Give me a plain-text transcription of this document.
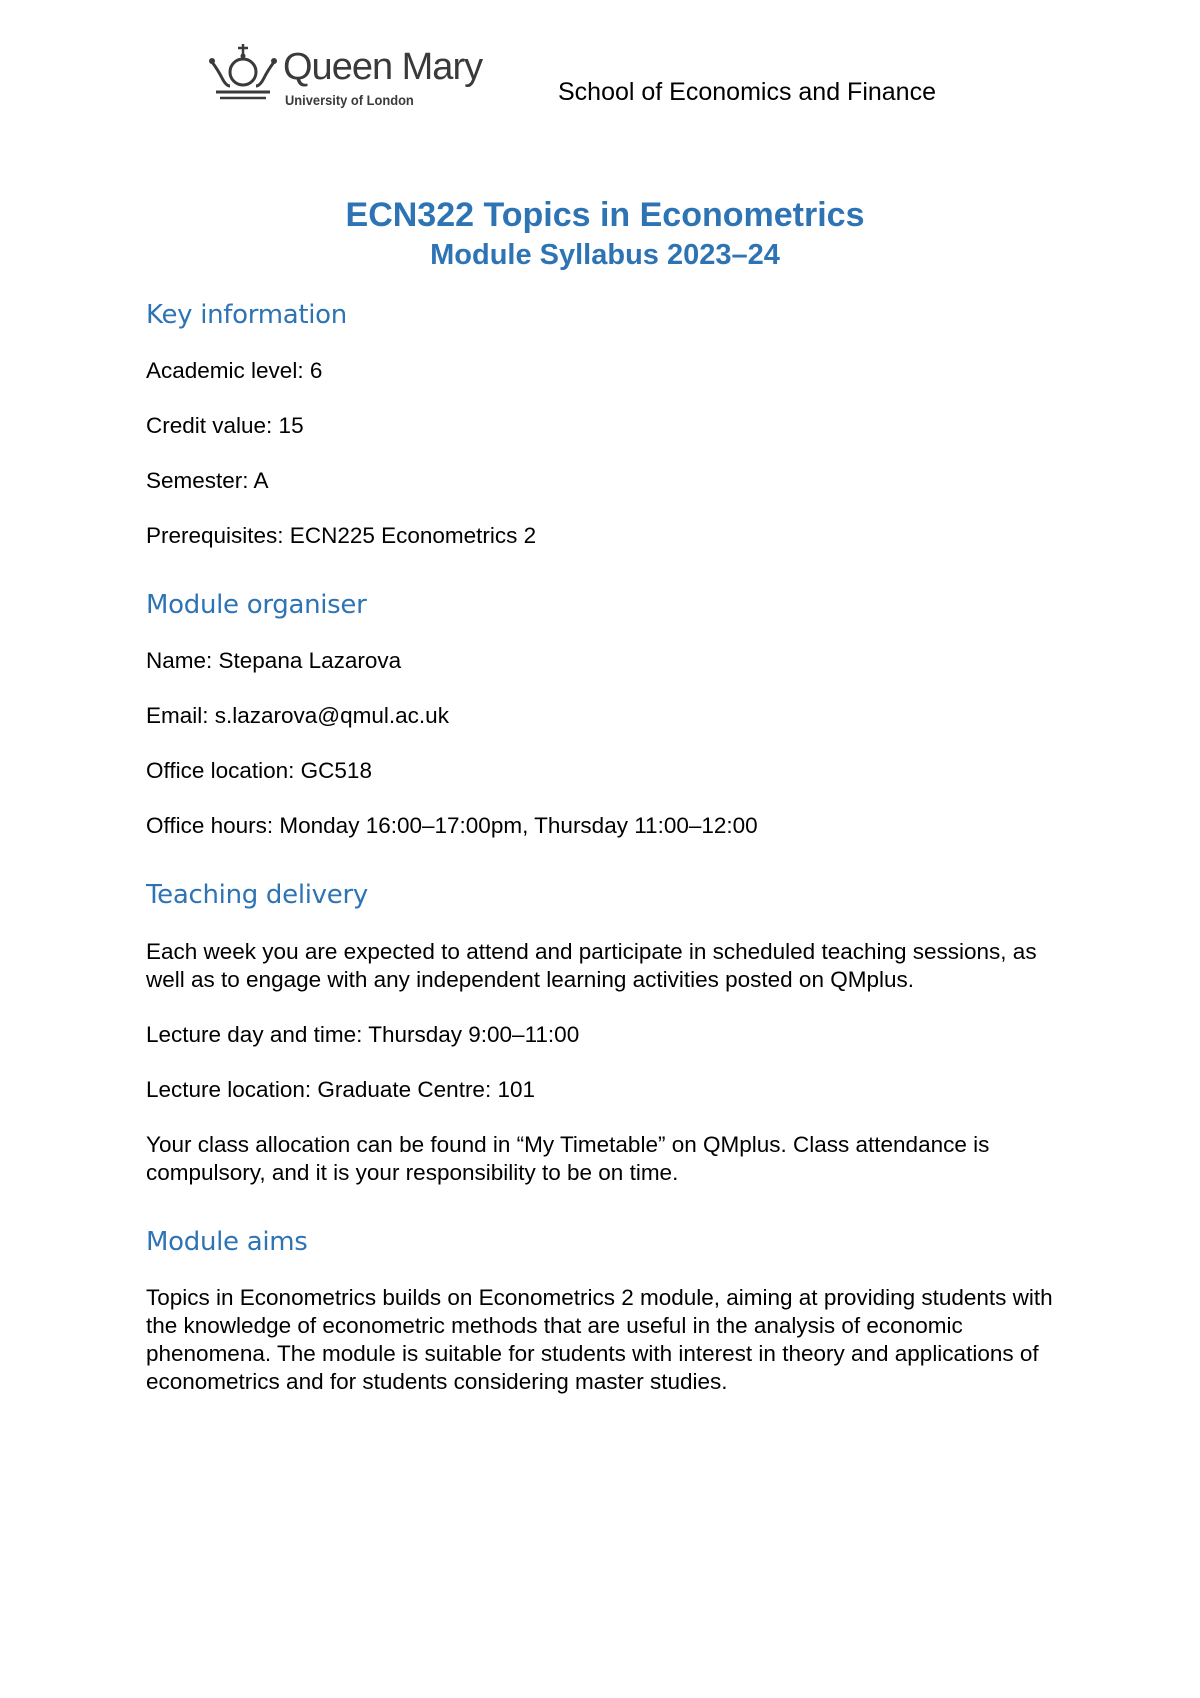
Queen Mary
University of London	School of Economics and Finance
ECN322 Topics in Econometrics
Module Syllabus 2023–24
Key information

Academic level: 6

Credit value: 15

Semester: A

Prerequisites: ECN225 Econometrics 2

Module organiser

Name: Stepana Lazarova

Email: s.lazarova@qmul.ac.uk

Office location: GC518

Office hours: Monday 16:00–17:00pm, Thursday 11:00–12:00

Teaching delivery

Each week you are expected to attend and participate in scheduled teaching sessions, as well as to engage with any independent learning activities posted on QMplus.

Lecture day and time: Thursday 9:00–11:00

Lecture location: Graduate Centre: 101

Your class allocation can be found in “My Timetable” on QMplus. Class attendance is compulsory, and it is your responsibility to be on time.

Module aims

Topics in Econometrics builds on Econometrics 2 module, aiming at providing students with the knowledge of econometric methods that are useful in the analysis of economic phenomena. The module is suitable for students with interest in theory and applications of econometrics and for students considering master studies.
